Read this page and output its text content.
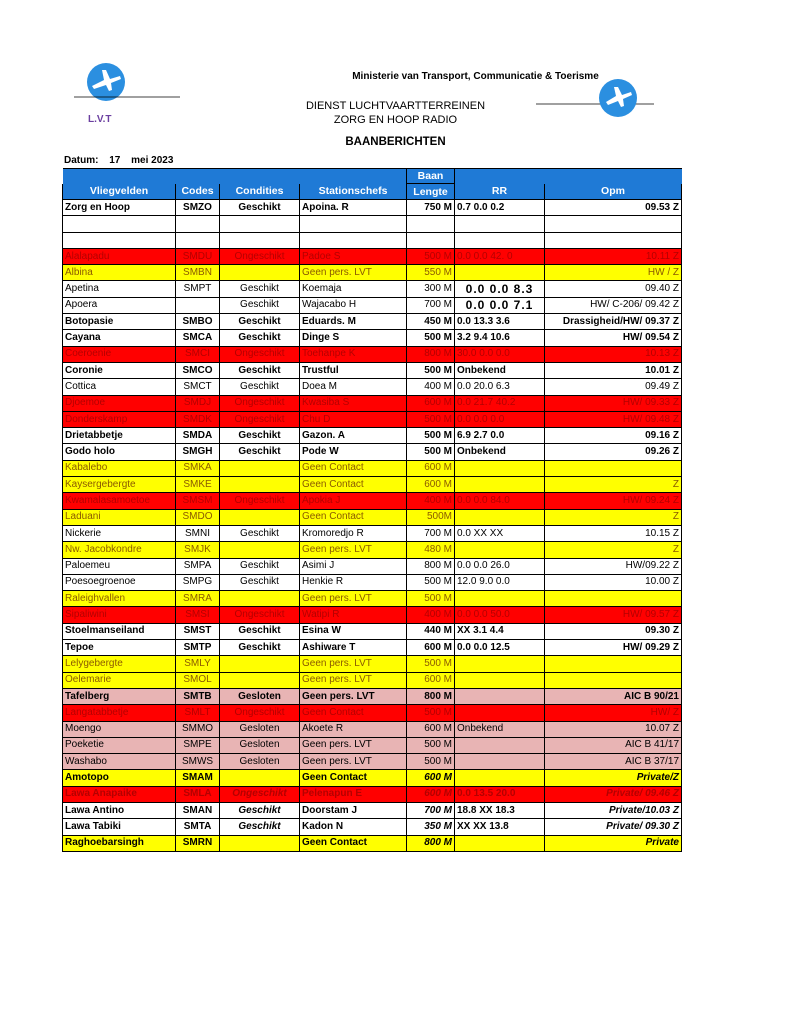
L.V.T
Ministerie van Transport, Communicatie & Toerisme
DIENST LUCHTVAARTTERREINEN
ZORG EN HOOP RADIO
BAANBERICHTEN
Datum: 17 mei 2023
				Baan		
Vliegvelden	Codes	Condities	Stationschefs	Lengte	RR	Opm
Zorg en Hoop	SMZO	Geschikt	Apoina. R	750 M	0.7 0.0 0.2	09.53 Z

Alalapadu	SMDU	Ongeschikt	Padoe S	500 M	0.0 0.0 42. 0	10.11 Z
Albina	SMBN		Geen pers. LVT	550 M		HW / Z
Apetina	SMPT	Geschikt	Koemaja	300 M	0.0 0.0 8.3	09.40 Z
Apoera		Geschikt	Wajacabo H	700 M	0.0 0.0 7.1	HW/ C-206/ 09.42 Z
Botopasie	SMBO	Geschikt	Eduards. M	450 M	0.0 13.3 3.6	Drassigheid/HW/ 09.37 Z
Cayana	SMCA	Geschikt	Dinge S	500 M	3.2 9.4 10.6	HW/ 09.54 Z
Coeroenie	SMCI	Ongeschikt	Toehanpe K	800 M	30.0 0.0 0.0	10.13 Z
Coronie	SMCO	Geschikt	Trustful	500 M	Onbekend	10.01 Z
Cottica	SMCT	Geschikt	Doea M	400 M	0.0 20.0 6.3	09.49 Z
Djoemoe	SMDJ	Ongeschikt	Kwasiba S	600 M	0.0 21.7 40.2	HW/ 09.33 Z
Donderskamp	SMDK	Ongeschikt	Chu D	500 M	0.0 0.0 0.0	HW/ 09.48 Z
Drietabbetje	SMDA	Geschikt	Gazon. A	500 M	6.9 2.7 0.0	09.16 Z
Godo holo	SMGH	Geschikt	Pode W	500 M	Onbekend	09.26 Z
Kabalebo	SMKA		Geen Contact	600 M		
Kaysergebergte	SMKE		Geen Contact	600 M		Z
Kwamalasamoetoe	SMSM	Ongeschikt	Apokia J	400 M	0.0 0.0 84.0	HW/ 09.24 Z
Laduani	SMDO		Geen Contact	500M		Z
Nickerie	SMNI	Geschikt	Kromoredjo R	700 M	0.0 XX XX	10.15 Z
Nw. Jacobkondre	SMJK		Geen pers. LVT	480 M		Z
Paloemeu	SMPA	Geschikt	Asimi J	800 M	0.0 0.0 26.0	HW/09.22 Z
Poesoegroenoe	SMPG	Geschikt	Henkie R	500 M	12.0 9.0 0.0	10.00 Z
Raleighvallen	SMRA		Geen pers. LVT	500 M		
Sipaliwini	SMSI	Ongeschikt	Watipi R	400 M	0.0 0.0 50.0	HW/ 09.57 Z
Stoelmanseiland	SMST	Geschikt	Esina W	440 M	XX 3.1 4.4	09.30 Z
Tepoe	SMTP	Geschikt	Ashiware T	600 M	0.0 0.0 12.5	HW/ 09.29 Z
Lelygebergte	SMLY		Geen pers. LVT	500 M		
Oelemarie	SMOL		Geen pers. LVT	600 M		
Tafelberg	SMTB	Gesloten	Geen pers. LVT	800 M		AIC B 90/21
Langatabbetje	SMLT	Ongeschikt	Geen Contact	500 M		HW/ Z
Moengo	SMMO	Gesloten	Akoete R	600 M	Onbekend	10.07 Z
Poeketie	SMPE	Gesloten	Geen pers. LVT	500 M		AIC B 41/17
Washabo	SMWS	Gesloten	Geen pers. LVT	500 M		AIC B 37/17
Amotopo	SMAM		Geen Contact	600 M		Private/Z
Lawa Anapaike	SMLA	Ongeschikt	Pelenapun E	600 M	0.0 13.5 20.0	Private/ 09.46 Z
Lawa Antino	SMAN	Geschikt	Doorstam J	700 M	18.8 XX 18.3	Private/10.03 Z
Lawa Tabiki	SMTA	Geschikt	Kadon N	350 M	XX XX 13.8	Private/ 09.30 Z
Raghoebarsingh	SMRN		Geen Contact	800 M		Private
